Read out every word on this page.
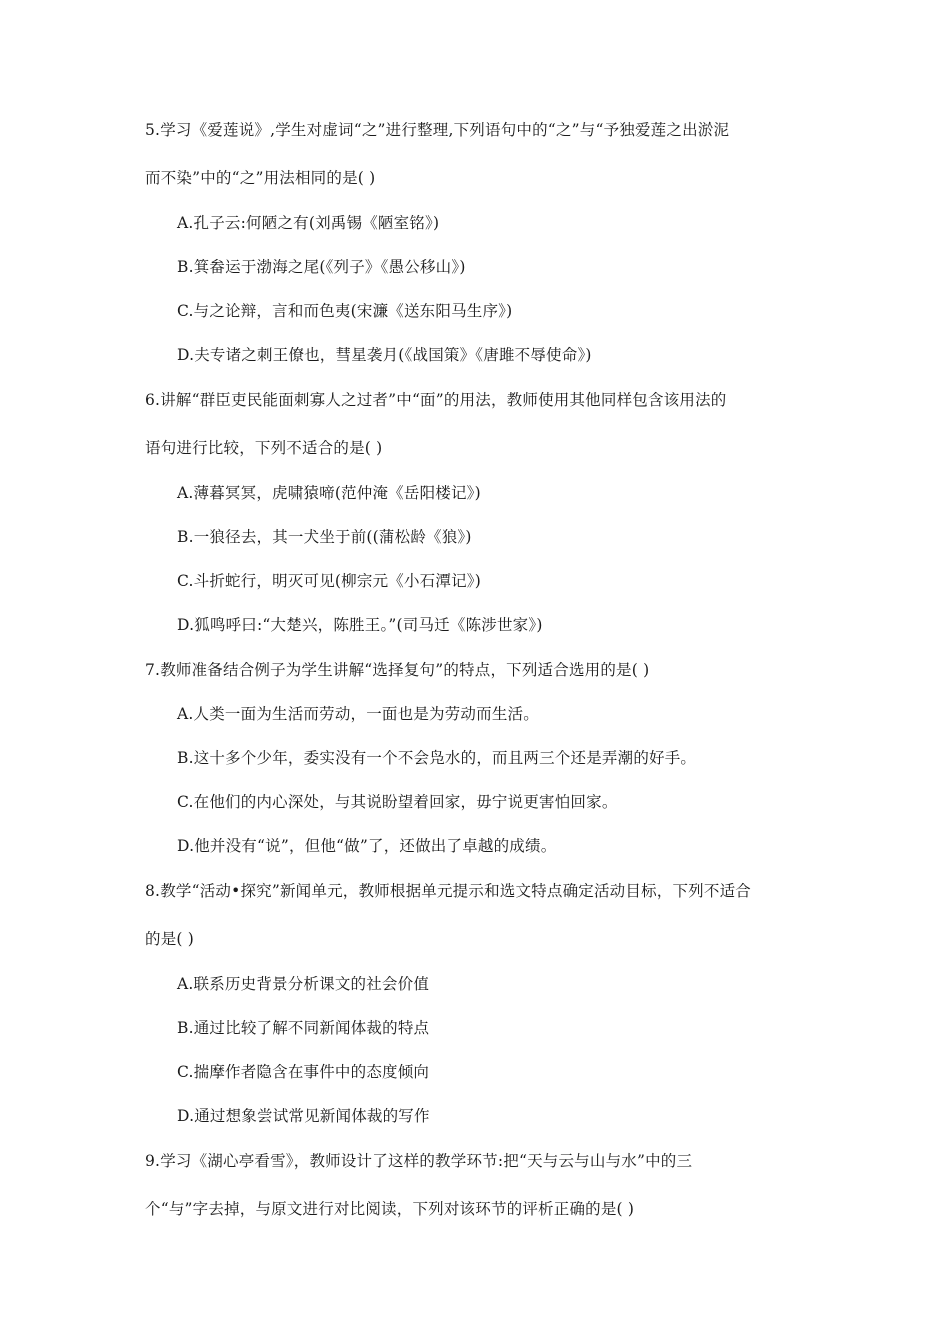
5.学习《爱莲说》,学生对虚词“之”进行整理,下列语句中的“之”与“予独爱莲之出淤泥
而不染”中的“之”用法相同的是( )
A.孔子云:何陋之有(刘禹锡《陋室铭》)
B.箕畚运于渤海之尾(《列子》《愚公移山》)
C.与之论辩，言和而色夷(宋濂《送东阳马生序》)
D.夫专诸之刺王僚也，彗星袭月(《战国策》《唐雎不辱使命》)
6.讲解“群臣吏民能面刺寡人之过者”中“面”的用法，教师使用其他同样包含该用法的
语句进行比较，下列不适合的是( )
A.薄暮冥冥，虎啸猿啼(范仲淹《岳阳楼记》)
B.一狼径去，其一犬坐于前((蒲松龄《狼》)
C.斗折蛇行，明灭可见(柳宗元《小石潭记》)
D.狐鸣呼曰:“大楚兴，陈胜王。”(司马迁《陈涉世家》)
7.教师准备结合例子为学生讲解“选择复句”的特点，下列适合选用的是( )
A.人类一面为生活而劳动，一面也是为劳动而生活。
B.这十多个少年，委实没有一个不会凫水的，而且两三个还是弄潮的好手。
C.在他们的内心深处，与其说盼望着回家，毋宁说更害怕回家。
D.他并没有“说”，但他“做”了，还做出了卓越的成绩。
8.教学“活动•探究”新闻单元，教师根据单元提示和选文特点确定活动目标，下列不适合
的是( )
A.联系历史背景分析课文的社会价值
B.通过比较了解不同新闻体裁的特点
C.揣摩作者隐含在事件中的态度倾向
D.通过想象尝试常见新闻体裁的写作
9.学习《湖心亭看雪》，教师设计了这样的教学环节:把“天与云与山与水”中的三
个“与”字去掉，与原文进行对比阅读，下列对该环节的评析正确的是( )
